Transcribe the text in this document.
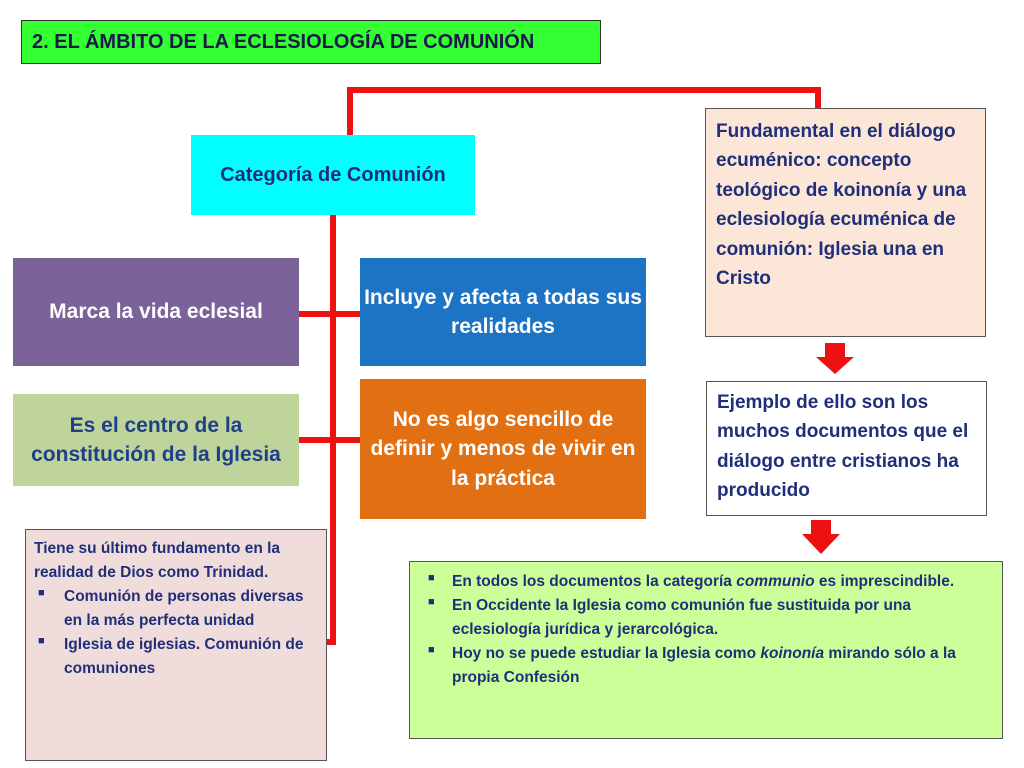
2. EL ÁMBITO DE LA ECLESIOLOGÍA DE COMUNIÓN
Categoría de Comunión
Marca la vida eclesial
Es el centro de la constitución de la Iglesia
Incluye y afecta a todas sus realidades
No es algo sencillo de definir y menos de vivir en la práctica
Fundamental en el diálogo ecuménico: concepto teológico de koinonía y una eclesiología ecuménica de comunión: Iglesia una en Cristo
Ejemplo de ello son los muchos documentos que el diálogo entre cristianos ha producido
Tiene su último fundamento en la realidad de Dios como Trinidad.
■ Comunión de personas diversas en la más perfecta unidad
■ Iglesia de iglesias. Comunión de comuniones
■ En todos los documentos la categoría communio es imprescindible.
■ En Occidente la Iglesia como comunión fue sustituida por una eclesiología jurídica y jerarcológica.
■ Hoy no se puede estudiar la Iglesia como koinonía mirando sólo a la propia Confesión
